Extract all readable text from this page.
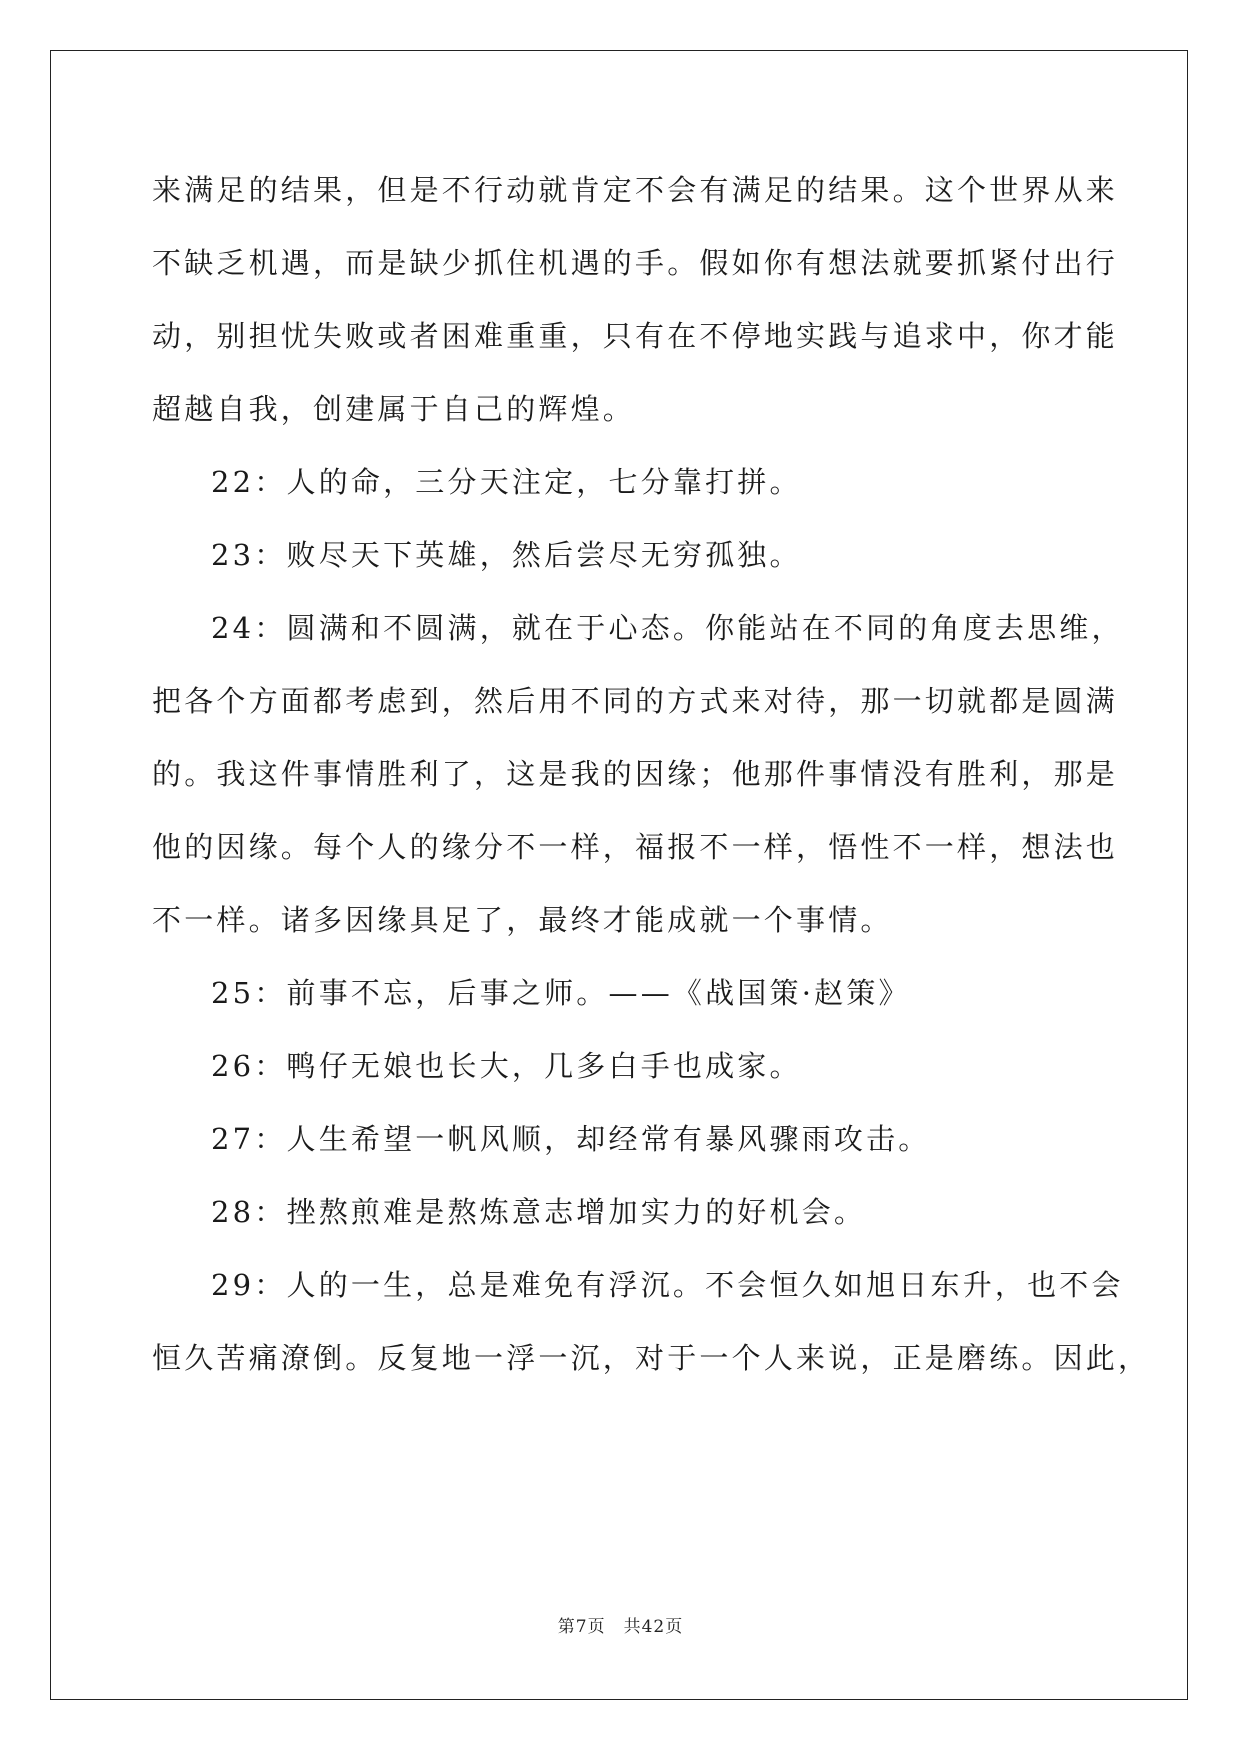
来满足的结果，但是不行动就肯定不会有满足的结果。这个世界从来
不缺乏机遇，而是缺少抓住机遇的手。假如你有想法就要抓紧付出行
动，别担忧失败或者困难重重，只有在不停地实践与追求中，你才能
超越自我，创建属于自己的辉煌。
22：人的命，三分天注定，七分靠打拼。
23：败尽天下英雄，然后尝尽无穷孤独。
24：圆满和不圆满，就在于心态。你能站在不同的角度去思维，
把各个方面都考虑到，然后用不同的方式来对待，那一切就都是圆满
的。我这件事情胜利了，这是我的因缘；他那件事情没有胜利，那是
他的因缘。每个人的缘分不一样，福报不一样，悟性不一样，想法也
不一样。诸多因缘具足了，最终才能成就一个事情。
25：前事不忘，后事之师。——《战国策·赵策》
26：鸭仔无娘也长大，几多白手也成家。
27：人生希望一帆风顺，却经常有暴风骤雨攻击。
28：挫熬煎难是熬炼意志增加实力的好机会。
29：人的一生，总是难免有浮沉。不会恒久如旭日东升，也不会
恒久苦痛潦倒。反复地一浮一沉，对于一个人来说，正是磨练。因此，
第7页　共42页
